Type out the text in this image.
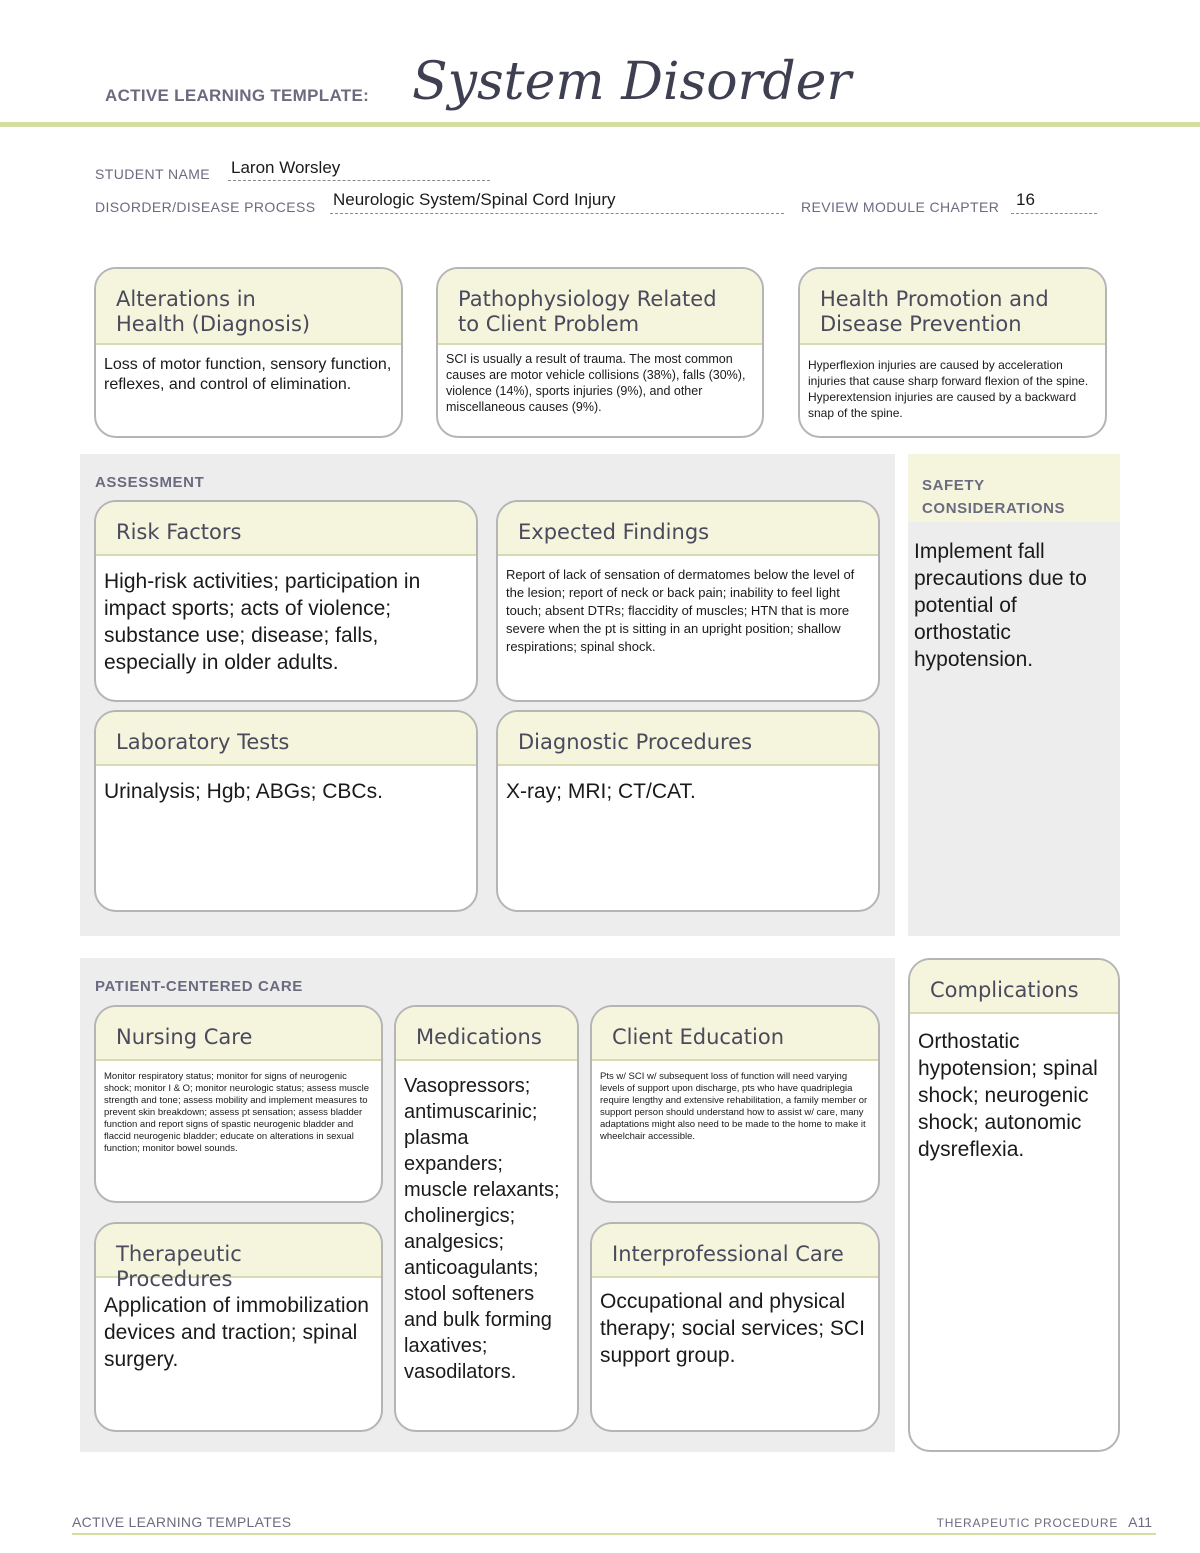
ACTIVE LEARNING TEMPLATE: System Disorder
STUDENT NAME Laron Worsley
DISORDER/DISEASE PROCESS Neurologic System/Spinal Cord Injury	REVIEW MODULE CHAPTER 16
Alterations in
Health (Diagnosis)
Loss of motor function, sensory function, reflexes, and control of elimination.
Pathophysiology Related
to Client Problem
SCI is usually a result of trauma. The most common causes are motor vehicle collisions (38%), falls (30%), violence (14%), sports injuries (9%), and other miscellaneous causes (9%).
Health Promotion and
Disease Prevention
Hyperflexion injuries are caused by acceleration injuries that cause sharp forward flexion of the spine. Hyperextension injuries are caused by a backward snap of the spine.
ASSESSMENT
Risk Factors
High-risk activities; participation in impact sports; acts of violence; substance use; disease; falls, especially in older adults.
Expected Findings
Report of lack of sensation of dermatomes below the level of the lesion; report of neck or back pain; inability to feel light touch; absent DTRs; flaccidity of muscles; HTN that is more severe when the pt is sitting in an upright position; shallow respirations; spinal shock.
Laboratory Tests
Urinalysis; Hgb; ABGs; CBCs.
Diagnostic Procedures
X-ray; MRI; CT/CAT.
SAFETY
CONSIDERATIONS
Implement fall precautions due to potential of orthostatic hypotension.
PATIENT-CENTERED CARE
Nursing Care
Monitor respiratory status; monitor for signs of neurogenic shock; monitor I & O; monitor neurologic status; assess muscle strength and tone; assess mobility and implement measures to prevent skin breakdown; assess pt sensation; assess bladder function and report signs of spastic neurogenic bladder and flaccid neurogenic bladder; educate on alterations in sexual function; monitor bowel sounds.
Medications
Vasopressors; antimuscarinic; plasma expanders; muscle relaxants; cholinergics; analgesics; anticoagulants; stool softeners and bulk forming laxatives; vasodilators.
Client Education
Pts w/ SCI w/ subsequent loss of function will need varying levels of support upon discharge, pts who have quadriplegia require lengthy and extensive rehabilitation, a family member or support person should understand how to assist w/ care, many adaptations might also need to be made to the home to make it wheelchair accessible.
Therapeutic Procedures
Application of immobilization devices and traction; spinal surgery.
Interprofessional Care
Occupational and physical therapy; social services; SCI support group.
Complications
Orthostatic hypotension; spinal shock; neurogenic shock; autonomic dysreflexia.
ACTIVE LEARNING TEMPLATES	THERAPEUTIC PROCEDURE A11
